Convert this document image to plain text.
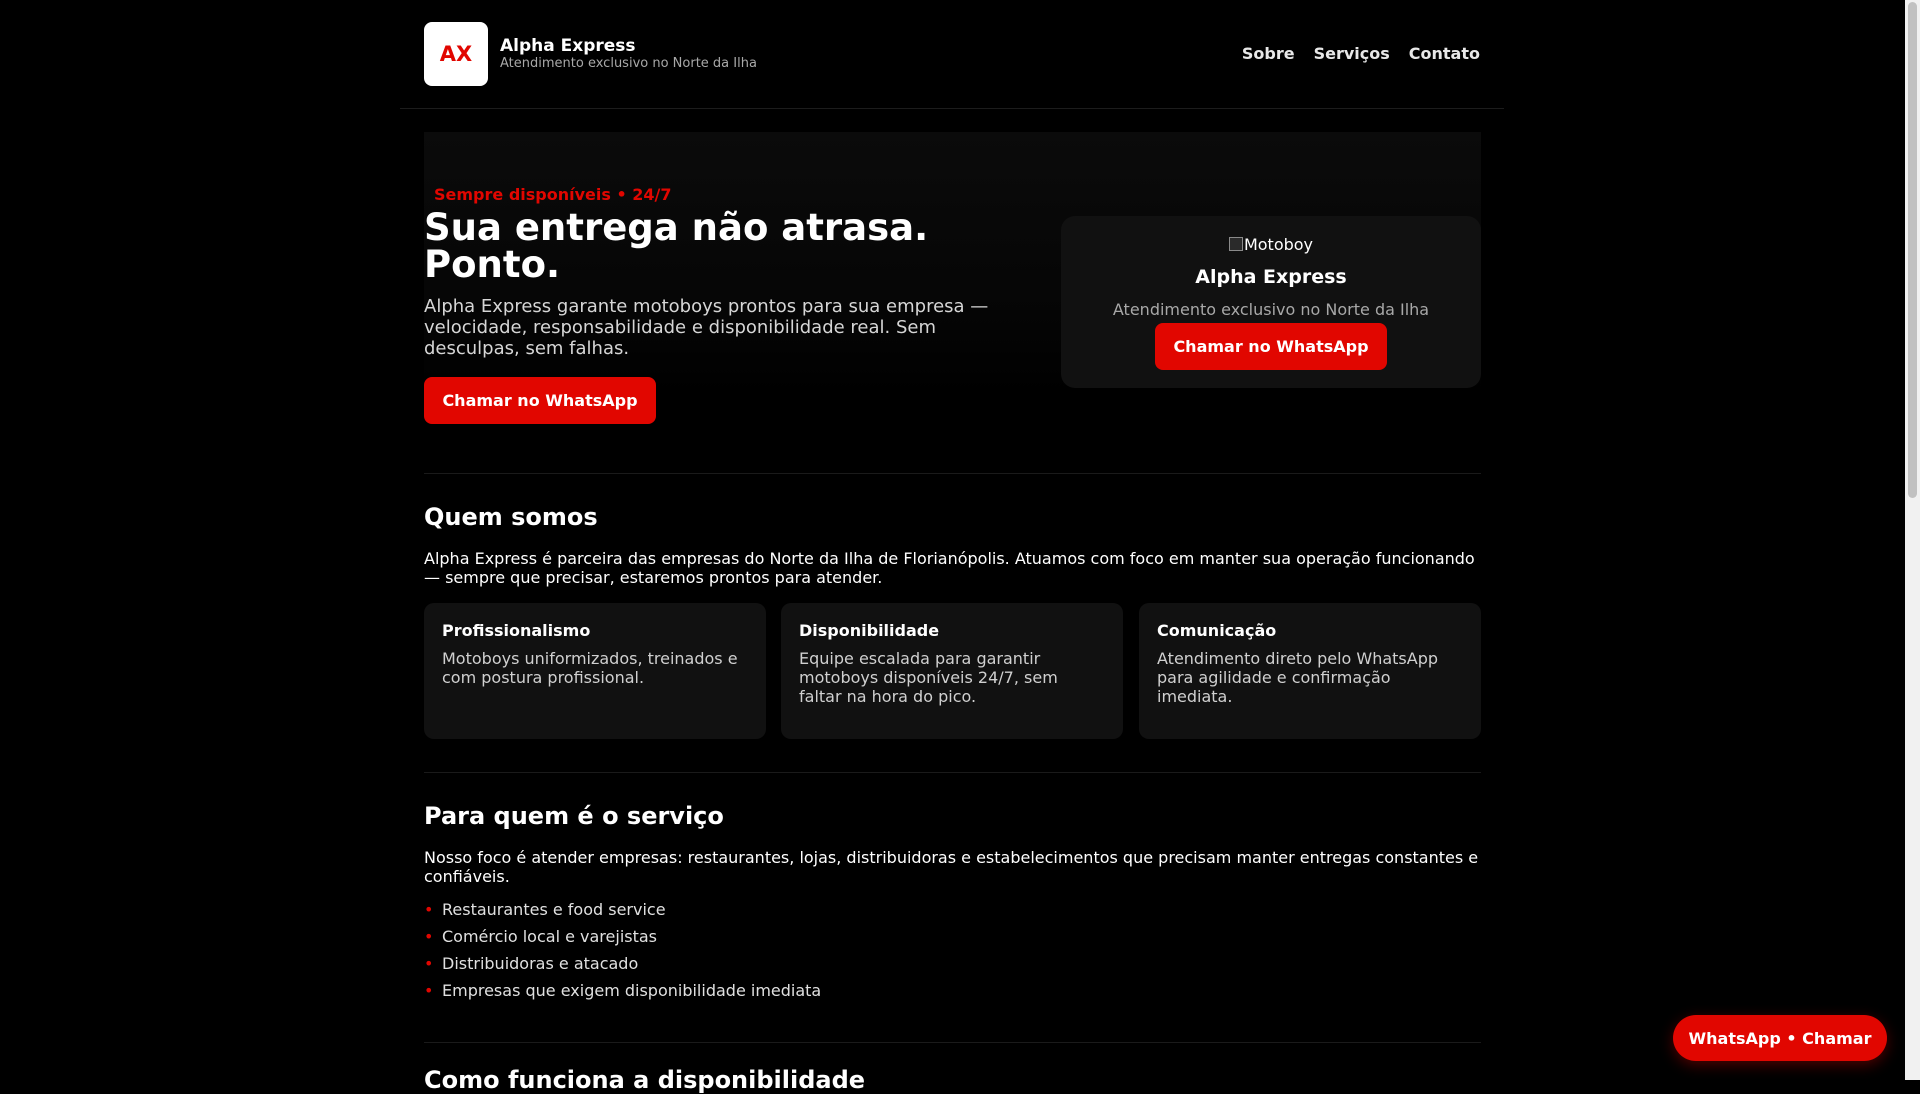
AX	Alpha Express
Atendimento exclusivo no Norte da Ilha
Sobre Serviços Contato
Sempre disponíveis • 24/7
Sua entrega não atrasa. Ponto.

Alpha Express garante motoboys prontos para sua empresa — velocidade, responsabilidade e disponibilidade real. Sem desculpas, sem falhas.

Chamar no WhatsApp
Motoboy
Alpha Express
Atendimento exclusivo no Norte da Ilha
Chamar no WhatsApp
Quem somos

Alpha Express é parceira das empresas do Norte da Ilha de Florianópolis. Atuamos com foco em manter sua operação funcionando — sempre que precisar, estaremos prontos para atender.

Profissionalismo

Motoboys uniformizados, treinados e com postura profissional.

Disponibilidade

Equipe escalada para garantir motoboys disponíveis 24/7, sem faltar na hora do pico.

Comunicação

Atendimento direto pelo WhatsApp para agilidade e confirmação imediata.

Para quem é o serviço

Nosso foco é atender empresas: restaurantes, lojas, distribuidoras e estabelecimentos que precisam manter entregas constantes e confiáveis.

• Restaurantes e food service
• Comércio local e varejistas
• Distribuidoras e atacado
• Empresas que exigem disponibilidade imediata
Como funciona a disponibilidade
WhatsApp • Chamar
